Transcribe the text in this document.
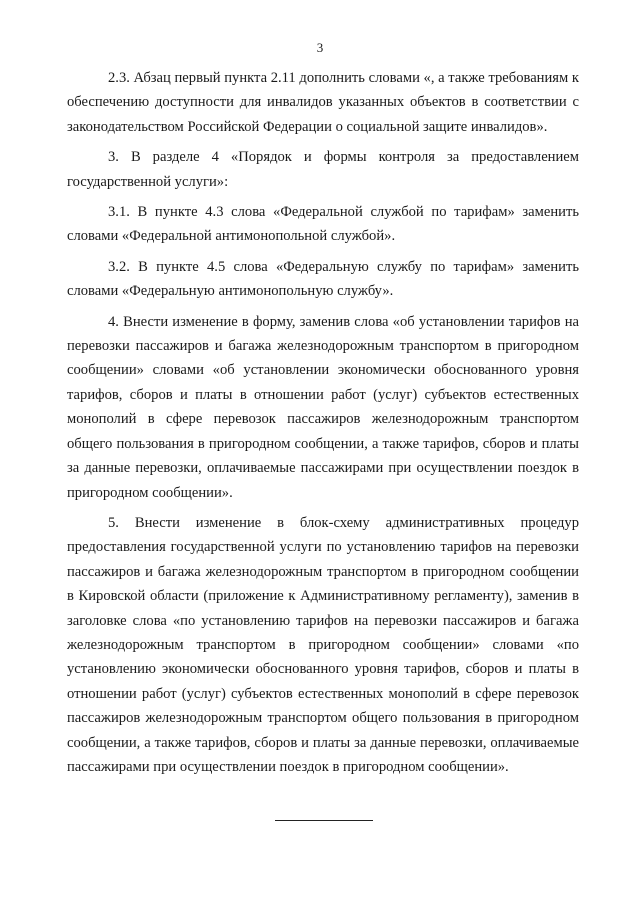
3

2.3. Абзац первый пункта 2.11 дополнить словами «, а также требованиям к обеспечению доступности для инвалидов указанных объектов в соответствии с законодательством Российской Федерации о социальной защите инвалидов».

3. В разделе 4 «Порядок и формы контроля за предоставлением государственной услуги»:

3.1. В пункте 4.3 слова «Федеральной службой по тарифам» заменить словами «Федеральной антимонопольной службой».

3.2. В пункте 4.5 слова «Федеральную службу по тарифам» заменить словами «Федеральную антимонопольную службу».

4. Внести изменение в форму, заменив слова «об установлении тарифов на перевозки пассажиров и багажа железнодорожным транспортом в пригородном сообщении» словами «об установлении экономически обоснованного уровня тарифов, сборов и платы в отношении работ (услуг) субъектов естественных монополий в сфере перевозок пассажиров железнодорожным транспортом общего пользования в пригородном сообщении, а также тарифов, сборов и платы за данные перевозки, оплачиваемые пассажирами при осуществлении поездок в пригородном сообщении».

5. Внести изменение в блок-схему административных процедур предоставления государственной услуги по установлению тарифов на перевозки пассажиров и багажа железнодорожным транспортом в пригородном сообщении в Кировской области (приложение к Административному регламенту), заменив в заголовке слова «по установлению тарифов на перевозки пассажиров и багажа железнодорожным транспортом в пригородном сообщении» словами «по установлению экономически обоснованного уровня тарифов, сборов и платы в отношении работ (услуг) субъектов естественных монополий в сфере перевозок пассажиров железнодорожным транспортом общего пользования в пригородном сообщении, а также тарифов, сборов и платы за данные перевозки, оплачиваемые пассажирами при осуществлении поездок в пригородном сообщении».
